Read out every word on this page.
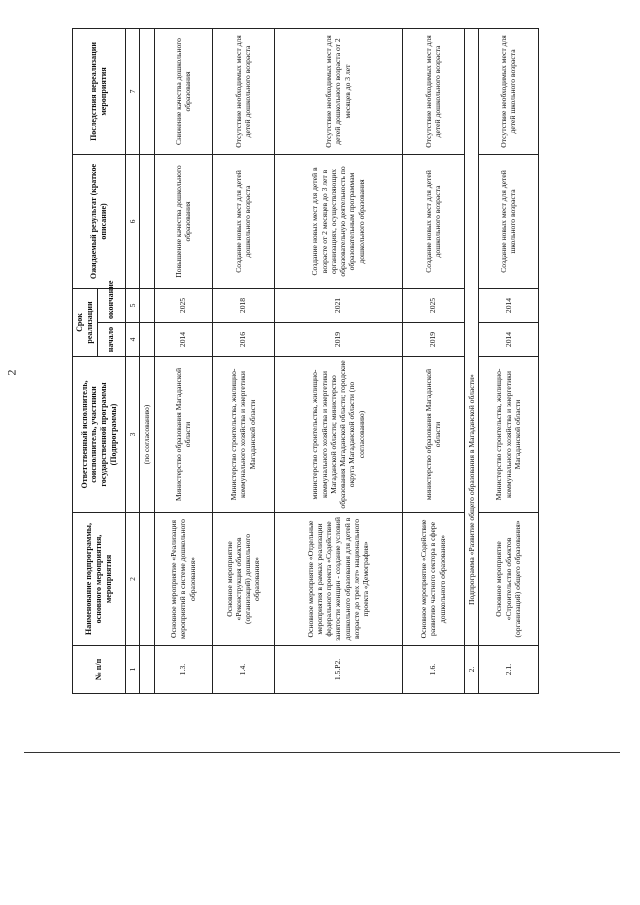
2
№ п/п	Наименование подпрограммы, основного мероприятия, мероприятия	Ответственный исполнитель, соисполнитель, участники государственной программы (Подпрограммы)	Срок реализации		Ожидаемый результат (краткое описание)	Последствия нереализации мероприятия
			начало	окончание		
1	2	3	4	5	6	7
		(по согласованию)				
1.3.	Основное мероприятие «Реализация мероприятий в системе дошкольного образования»	Министерство образования Магаданской области	2014	2025	Повышение качества дошкольного образования	Снижение качества дошкольного образования
1.4.	Основное мероприятие «Реконструкция объектов (организаций) дошкольного образования»	Министерство строительства, жилищно-коммунального хозяйства и энергетики Магаданской области	2016	2018	Создание новых мест для детей дошкольного возраста	Отсутствие необходимых мест для детей дошкольного возраста
1.5.Р2.	Основное мероприятие «Отдельные мероприятия в рамках реализации федерального проекта «Содействие занятости женщин - создание условий дошкольного образования для детей в возрасте до трех лет» национального проекта «Демография»	министерство строительства, жилищно-коммунального хозяйства и энергетики Магаданской области; министерство образования Магаданской области; городские округа Магаданской области (по согласованию)	2019	2021	Создание новых мест для детей в возрасте от 2 месяцев до 3 лет в организациях, осуществляющих образовательную деятельность по образовательным программам дошкольного образования	Отсутствие необходимых мест для детей дошкольного возраста от 2 месяцев до 3 лет
1.6.	Основное мероприятие «Содействие развитию частного сектора в сфере дошкольного образования»	министерство образования Магаданской области	2019	2025	Создание новых мест для детей дошкольного возраста	Отсутствие необходимых мест для детей дошкольного возраста
2.	Подпрограмма «Развитие общего образования в Магаданской области»					
2.1.	Основное мероприятие «Строительство объектов (организаций) общего образования»	Министерство строительства, жилищно-коммунального хозяйства и энергетики Магаданской области	2014	2014	Создание новых мест для детей школьного возраста	Отсутствие необходимых мест для детей школьного возраста
